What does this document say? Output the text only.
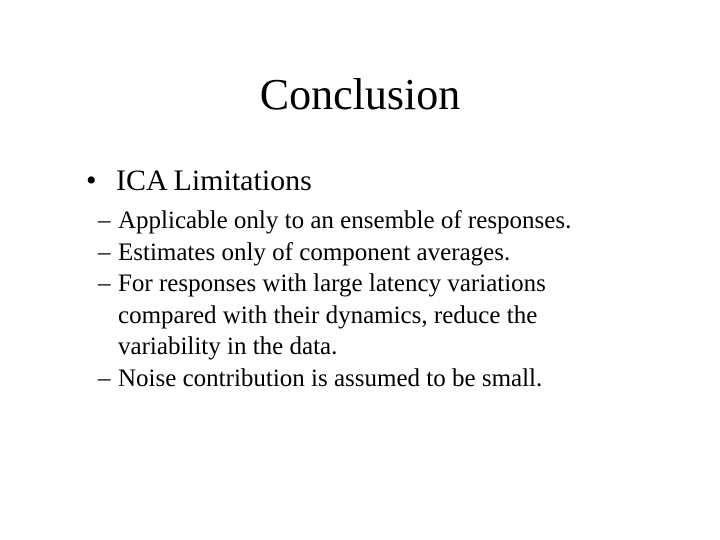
Conclusion
• ICA Limitations
– Applicable only to an ensemble of responses.
– Estimates only of component averages.
– For responses with large latency variations
compared with their dynamics, reduce the
variability in the data.
– Noise contribution is assumed to be small.
